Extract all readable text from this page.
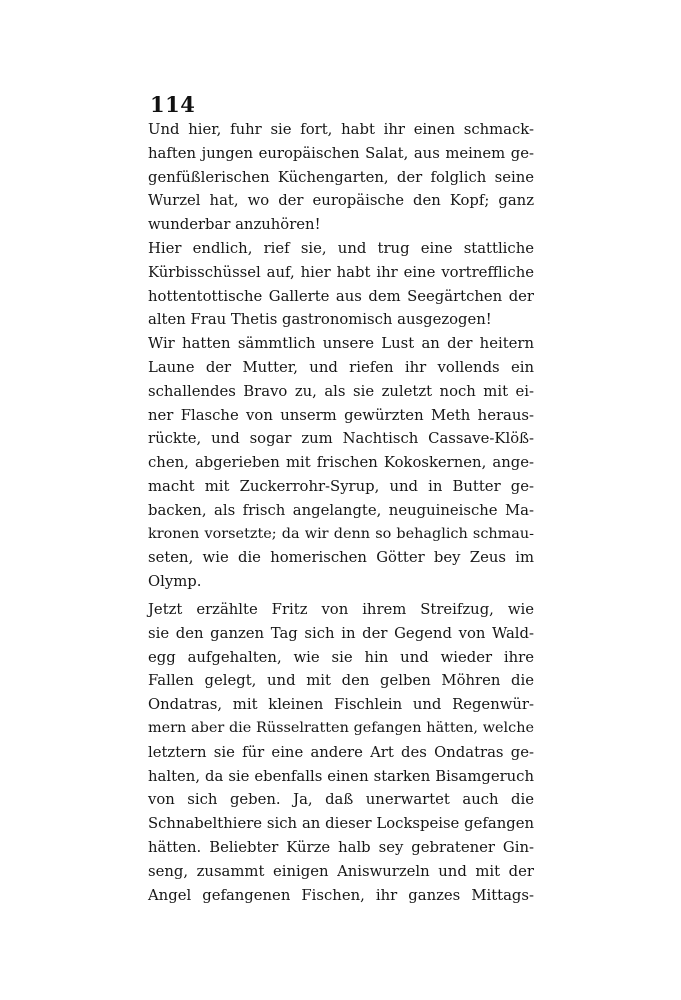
114
Und hier, fuhr sie fort, habt ihr einen schmack-
haften jungen europäischen Salat, aus meinem ge-
genfüßlerischen Küchengarten, der folglich seine
Wurzel hat, wo der europäische den Kopf; ganz
wunderbar anzuhören!
Hier endlich, rief sie, und trug eine stattliche
Kürbisschüssel auf, hier habt ihr eine vortreffliche
hottentottische Gallerte aus dem Seegärtchen der
alten Frau Thetis gastronomisch ausgezogen!
Wir hatten sämmtlich unsere Lust an der heitern
Laune der Mutter, und riefen ihr vollends ein
schallendes Bravo zu, als sie zuletzt noch mit ei-
ner Flasche von unserm gewürzten Meth heraus-
rückte, und sogar zum Nachtisch Cassave-Klöß-
chen, abgerieben mit frischen Kokoskernen, ange-
macht mit Zuckerrohr-Syrup, und in Butter ge-
backen, als frisch angelangte, neuguineische Ma-
kronen vorsetzte; da wir denn so behaglich schmau-
seten, wie die homerischen Götter bey Zeus im
Olymp.
Jetzt erzählte Fritz von ihrem Streifzug, wie
sie den ganzen Tag sich in der Gegend von Wald-
egg aufgehalten, wie sie hin und wieder ihre
Fallen gelegt, und mit den gelben Möhren die
Ondatras, mit kleinen Fischlein und Regenwür-
mern aber die Rüsselratten gefangen hätten, welche
letztern sie für eine andere Art des Ondatras ge-
halten, da sie ebenfalls einen starken Bisamgeruch
von sich geben. Ja, daß unerwartet auch die
Schnabelthiere sich an dieser Lockspeise gefangen
hätten. Beliebter Kürze halb sey gebratener Gin-
seng, zusammt einigen Aniswurzeln und mit der
Angel gefangenen Fischen, ihr ganzes Mittags-
